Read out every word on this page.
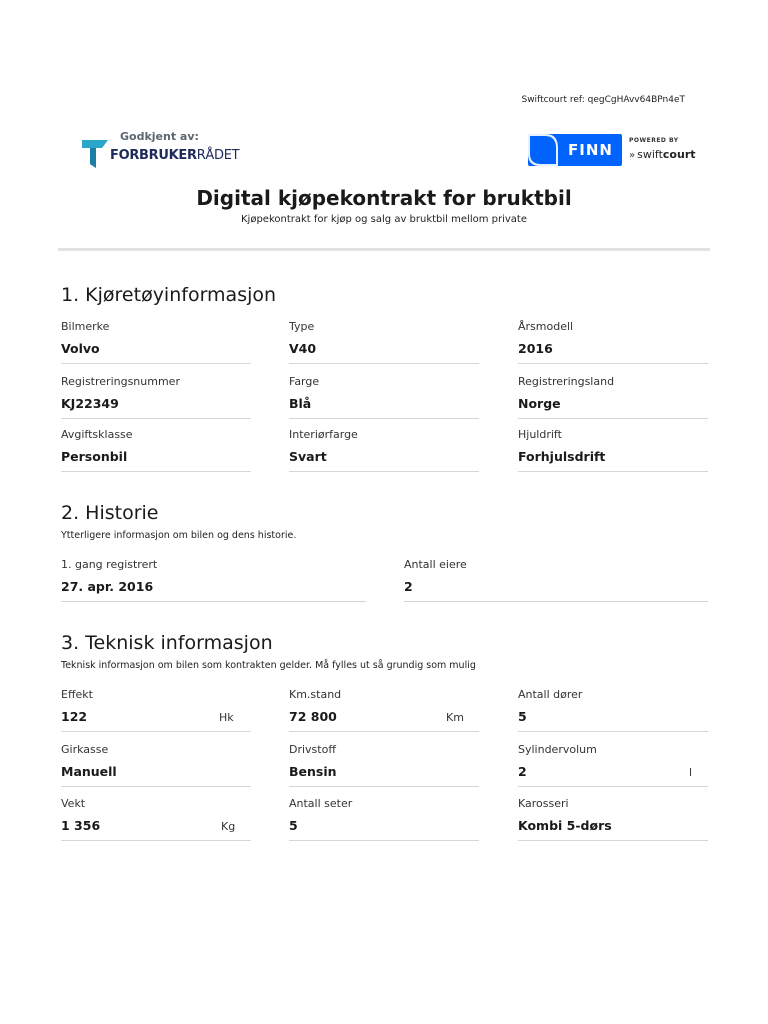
Swiftcourt ref: qegCgHAvv64BPn4eT
Godkjent av:
FORBRUKERRÅDET	FINN
POWERED BY
» swiftcourt
Digital kjøpekontrakt for bruktbil
Kjøpekontrakt for kjøp og salg av bruktbil mellom private
1. Kjøretøyinformasjon
Bilmerke
Volvo
Type
V40
Årsmodell
2016
Registreringsnummer
KJ22349
Farge
Blå
Registreringsland
Norge
Avgiftsklasse
Personbil
Interiørfarge
Svart
Hjuldrift
Forhjulsdrift
2. Historie
Ytterligere informasjon om bilen og dens historie.
1. gang registrert
27. apr. 2016
Antall eiere
2
3. Teknisk informasjon
Teknisk informasjon om bilen som kontrakten gelder. Må fylles ut så grundig som mulig
Effekt
122	Hk
Km.stand
72 800	Km
Antall dører
5
Girkasse
Manuell
Drivstoff
Bensin
Sylindervolum
2	l
Vekt
1 356	Kg
Antall seter
5
Karosseri
Kombi 5-dørs
